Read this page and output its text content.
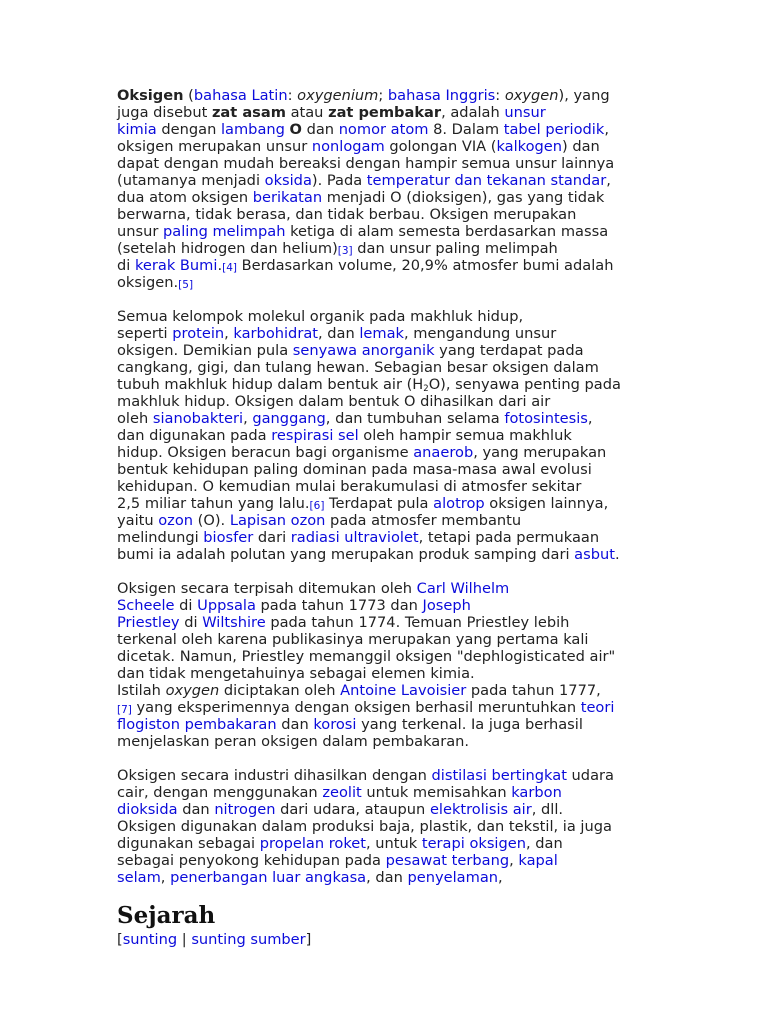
Oksigen (bahasa Latin: oxygenium; bahasa Inggris: oxygen), yang
juga disebut zat asam atau zat pembakar, adalah unsur
kimia dengan lambang O dan nomor atom 8. Dalam tabel periodik,
oksigen merupakan unsur nonlogam golongan VIA (kalkogen) dan
dapat dengan mudah bereaksi dengan hampir semua unsur lainnya
(utamanya menjadi oksida). Pada temperatur dan tekanan standar,
dua atom oksigen berikatan menjadi O (dioksigen), gas yang tidak
berwarna, tidak berasa, dan tidak berbau. Oksigen merupakan
unsur paling melimpah ketiga di alam semesta berdasarkan massa
(setelah hidrogen dan helium)[3] dan unsur paling melimpah
di kerak Bumi.[4] Berdasarkan volume, 20,9% atmosfer bumi adalah
oksigen.[5]

Semua kelompok molekul organik pada makhluk hidup,
seperti protein, karbohidrat, dan lemak, mengandung unsur
oksigen. Demikian pula senyawa anorganik yang terdapat pada
cangkang, gigi, dan tulang hewan. Sebagian besar oksigen dalam
tubuh makhluk hidup dalam bentuk air $(H_2O)$, senyawa penting pada
makhluk hidup. Oksigen dalam bentuk O dihasilkan dari air
oleh sianobakteri, ganggang, dan tumbuhan selama fotosintesis,
dan digunakan pada respirasi sel oleh hampir semua makhluk
hidup. Oksigen beracun bagi organisme anaerob, yang merupakan
bentuk kehidupan paling dominan pada masa-masa awal evolusi
kehidupan. O kemudian mulai berakumulasi di atmosfer sekitar
2,5 miliar tahun yang lalu.[6] Terdapat pula alotrop oksigen lainnya,
yaitu ozon (O). Lapisan ozon pada atmosfer membantu
melindungi biosfer dari radiasi ultraviolet, tetapi pada permukaan
bumi ia adalah polutan yang merupakan produk samping dari asbut.

Oksigen secara terpisah ditemukan oleh Carl Wilhelm
Scheele di Uppsala pada tahun 1773 dan Joseph
Priestley di Wiltshire pada tahun 1774. Temuan Priestley lebih
terkenal oleh karena publikasinya merupakan yang pertama kali
dicetak. Namun, Priestley memanggil oksigen "dephlogisticated air"
dan tidak mengetahuinya sebagai elemen kimia.
Istilah oxygen diciptakan oleh Antoine Lavoisier pada tahun 1777,
[7] yang eksperimennya dengan oksigen berhasil meruntuhkan teori
flogiston pembakaran dan korosi yang terkenal. Ia juga berhasil
menjelaskan peran oksigen dalam pembakaran.

Oksigen secara industri dihasilkan dengan distilasi bertingkat udara
cair, dengan menggunakan zeolit untuk memisahkan karbon
dioksida dan nitrogen dari udara, ataupun elektrolisis air, dll.
Oksigen digunakan dalam produksi baja, plastik, dan tekstil, ia juga
digunakan sebagai propelan roket, untuk terapi oksigen, dan
sebagai penyokong kehidupan pada pesawat terbang, kapal
selam, penerbangan luar angkasa, dan penyelaman,

Sejarah
[sunting | sunting sumber]
